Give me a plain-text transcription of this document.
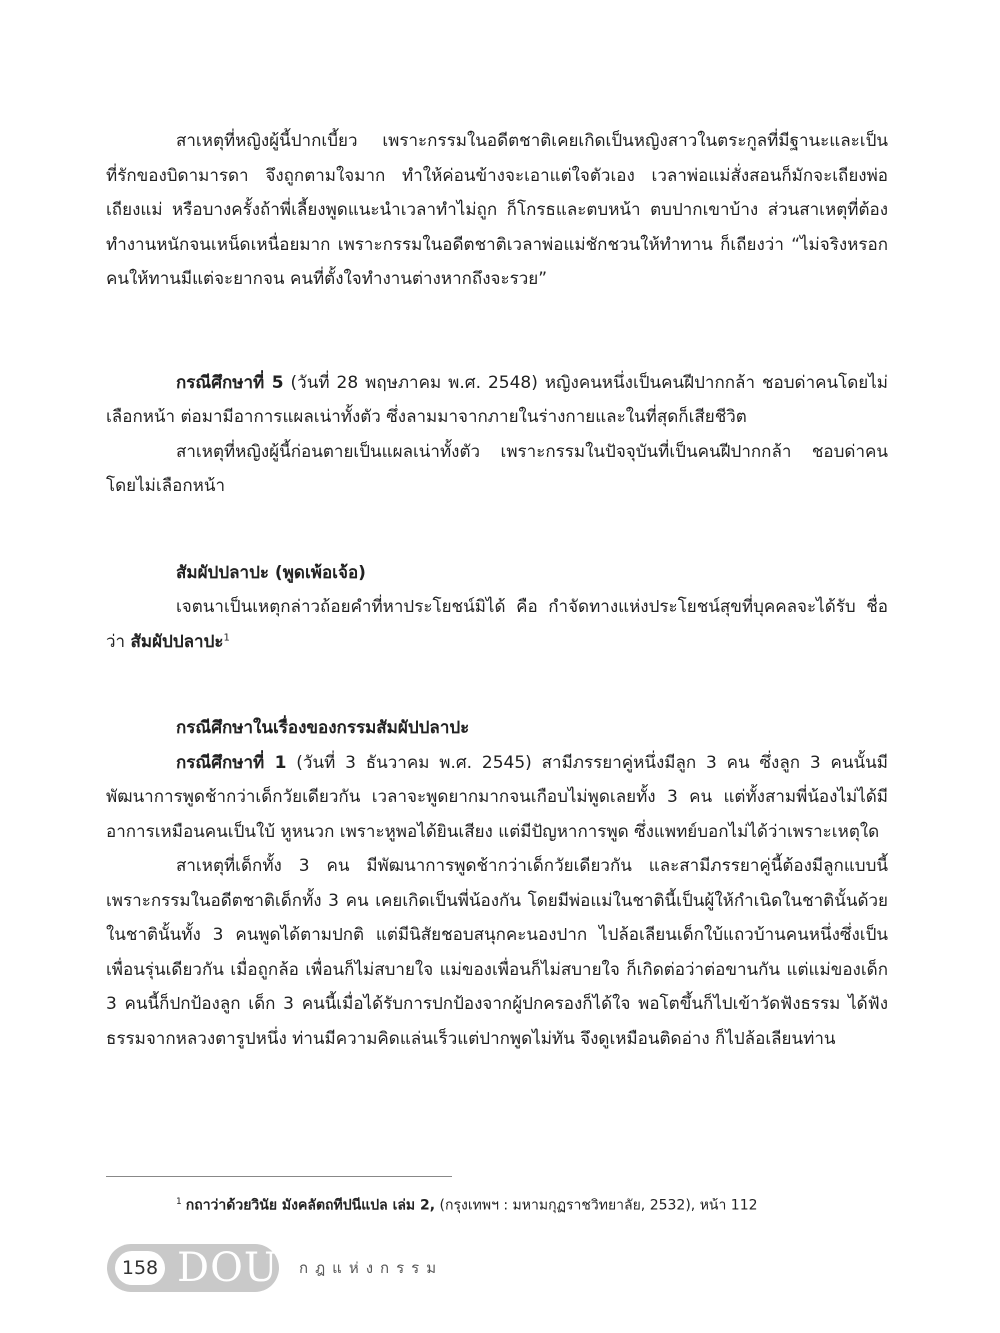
สาเหตุที่หญิงผู้นี้ปากเบี้ยว เพราะกรรมในอดีตชาติเคยเกิดเป็นหญิงสาวในตระกูลที่มีฐานะและเป็นที่รักของบิดามารดา จึงถูกตามใจมาก ทำให้ค่อนข้างจะเอาแต่ใจตัวเอง เวลาพ่อแม่สั่งสอนก็มักจะเถียงพ่อเถียงแม่ หรือบางครั้งถ้าพี่เลี้ยงพูดแนะนำเวลาทำไม่ถูก ก็โกรธและตบหน้า ตบปากเขาบ้าง ส่วนสาเหตุที่ต้องทำงานหนักจนเหน็ดเหนื่อยมาก เพราะกรรมในอดีตชาติเวลาพ่อแม่ชักชวนให้ทำทาน ก็เถียงว่า “ไม่จริงหรอก คนให้ทานมีแต่จะยากจน คนที่ตั้งใจทำงานต่างหากถึงจะรวย”

กรณีศึกษาที่ 5 (วันที่ 28 พฤษภาคม พ.ศ. 2548) หญิงคนหนึ่งเป็นคนฝีปากกล้า ชอบด่าคนโดยไม่เลือกหน้า ต่อมามีอาการแผลเน่าทั้งตัว ซึ่งลามมาจากภายในร่างกายและในที่สุดก็เสียชีวิต

สาเหตุที่หญิงผู้นี้ก่อนตายเป็นแผลเน่าทั้งตัว เพราะกรรมในปัจจุบันที่เป็นคนฝีปากกล้า ชอบด่าคนโดยไม่เลือกหน้า

สัมผัปปลาปะ (พูดเพ้อเจ้อ)

เจตนาเป็นเหตุกล่าวถ้อยคำที่หาประโยชน์มิได้ คือ กำจัดทางแห่งประโยชน์สุขที่บุคคลจะได้รับ ชื่อว่า สัมผัปปลาปะ$^1$

กรณีศึกษาในเรื่องของกรรมสัมผัปปลาปะ

กรณีศึกษาที่ 1 (วันที่ 3 ธันวาคม พ.ศ. 2545) สามีภรรยาคู่หนึ่งมีลูก 3 คน ซึ่งลูก 3 คนนั้นมีพัฒนาการพูดช้ากว่าเด็กวัยเดียวกัน เวลาจะพูดยากมากจนเกือบไม่พูดเลยทั้ง 3 คน แต่ทั้งสามพี่น้องไม่ได้มีอาการเหมือนคนเป็นใบ้ หูหนวก เพราะหูพอได้ยินเสียง แต่มีปัญหาการพูด ซึ่งแพทย์บอกไม่ได้ว่าเพราะเหตุใด

สาเหตุที่เด็กทั้ง 3 คน มีพัฒนาการพูดช้ากว่าเด็กวัยเดียวกัน และสามีภรรยาคู่นี้ต้องมีลูกแบบนี้ เพราะกรรมในอดีตชาติเด็กทั้ง 3 คน เคยเกิดเป็นพี่น้องกัน โดยมีพ่อแม่ในชาตินี้เป็นผู้ให้กำเนิดในชาตินั้นด้วย ในชาตินั้นทั้ง 3 คนพูดได้ตามปกติ แต่มีนิสัยชอบสนุกคะนองปาก ไปล้อเลียนเด็กใบ้แถวบ้านคนหนึ่งซึ่งเป็นเพื่อนรุ่นเดียวกัน เมื่อถูกล้อ เพื่อนก็ไม่สบายใจ แม่ของเพื่อนก็ไม่สบายใจ ก็เกิดต่อว่าต่อขานกัน แต่แม่ของเด็ก 3 คนนี้ก็ปกป้องลูก เด็ก 3 คนนี้เมื่อได้รับการปกป้องจากผู้ปกครองก็ได้ใจ พอโตขึ้นก็ไปเข้าวัดฟังธรรม ได้ฟังธรรมจากหลวงตารูปหนึ่ง ท่านมีความคิดแล่นเร็วแต่ปากพูดไม่ทัน จึงดูเหมือนติดอ่าง ก็ไปล้อเลียนท่าน

$^1$ กถาว่าด้วยวินัย มังคลัตถทีปนีแปล เล่ม 2, (กรุงเทพฯ : มหามกุฏราชวิทยาลัย, 2532), หน้า 112
158 DOU กฎแห่งกรรม
